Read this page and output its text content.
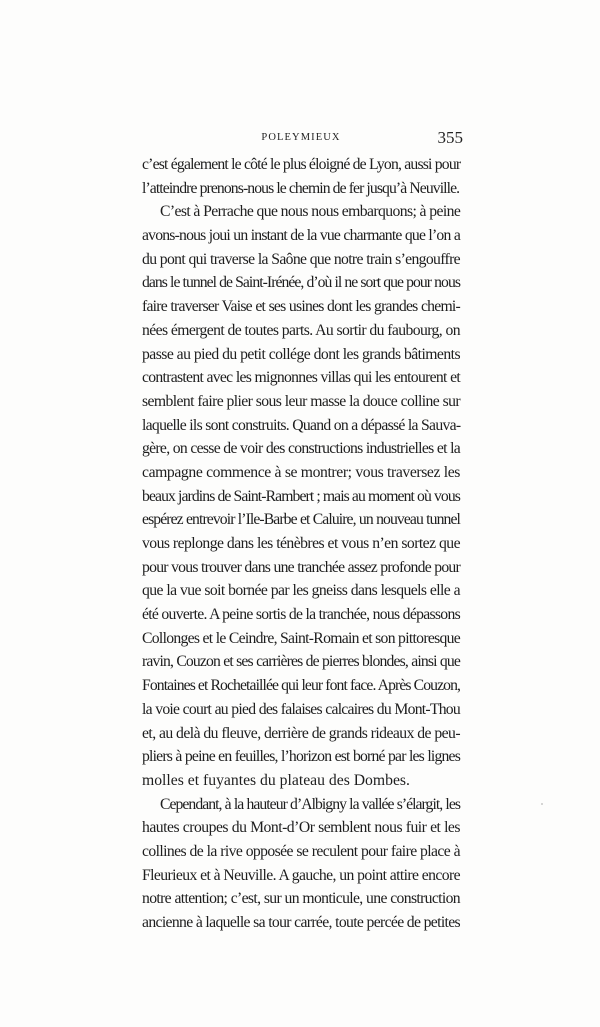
POLEYMIEUX	355
c’est également le côté le plus éloigné de Lyon, aussi pour
l’atteindre prenons-nous le chemin de fer jusqu’à Neuville.
C’est à Perrache que nous nous embarquons; à peine
avons-nous joui un instant de la vue charmante que l’on a
du pont qui traverse la Saône que notre train s’engouffre
dans le tunnel de Saint-Irénée, d’où il ne sort que pour nous
faire traverser Vaise et ses usines dont les grandes chemi-
nées émergent de toutes parts. Au sortir du faubourg, on
passe au pied du petit collége dont les grands bâtiments
contrastent avec les mignonnes villas qui les entourent et
semblent faire plier sous leur masse la douce colline sur
laquelle ils sont construits. Quand on a dépassé la Sauva-
gère, on cesse de voir des constructions industrielles et la
campagne commence à se montrer; vous traversez les
beaux jardins de Saint-Rambert ; mais au moment où vous
espérez entrevoir l’Ile-Barbe et Caluire, un nouveau tunnel
vous replonge dans les ténèbres et vous n’en sortez que
pour vous trouver dans une tranchée assez profonde pour
que la vue soit bornée par les gneiss dans lesquels elle a
été ouverte. A peine sortis de la tranchée, nous dépassons
Collonges et le Ceindre, Saint-Romain et son pittoresque
ravin, Couzon et ses carrières de pierres blondes, ainsi que
Fontaines et Rochetaillée qui leur font face. Après Couzon,
la voie court au pied des falaises calcaires du Mont-Thou
et, au delà du fleuve, derrière de grands rideaux de peu-
pliers à peine en feuilles, l’horizon est borné par les lignes
molles et fuyantes du plateau des Dombes.
Cependant, à la hauteur d’Albigny la vallée s’élargit, les
hautes croupes du Mont-d’Or semblent nous fuir et les
collines de la rive opposée se reculent pour faire place à
Fleurieux et à Neuville. A gauche, un point attire encore
notre attention; c’est, sur un monticule, une construction
ancienne à laquelle sa tour carrée, toute percée de petites
